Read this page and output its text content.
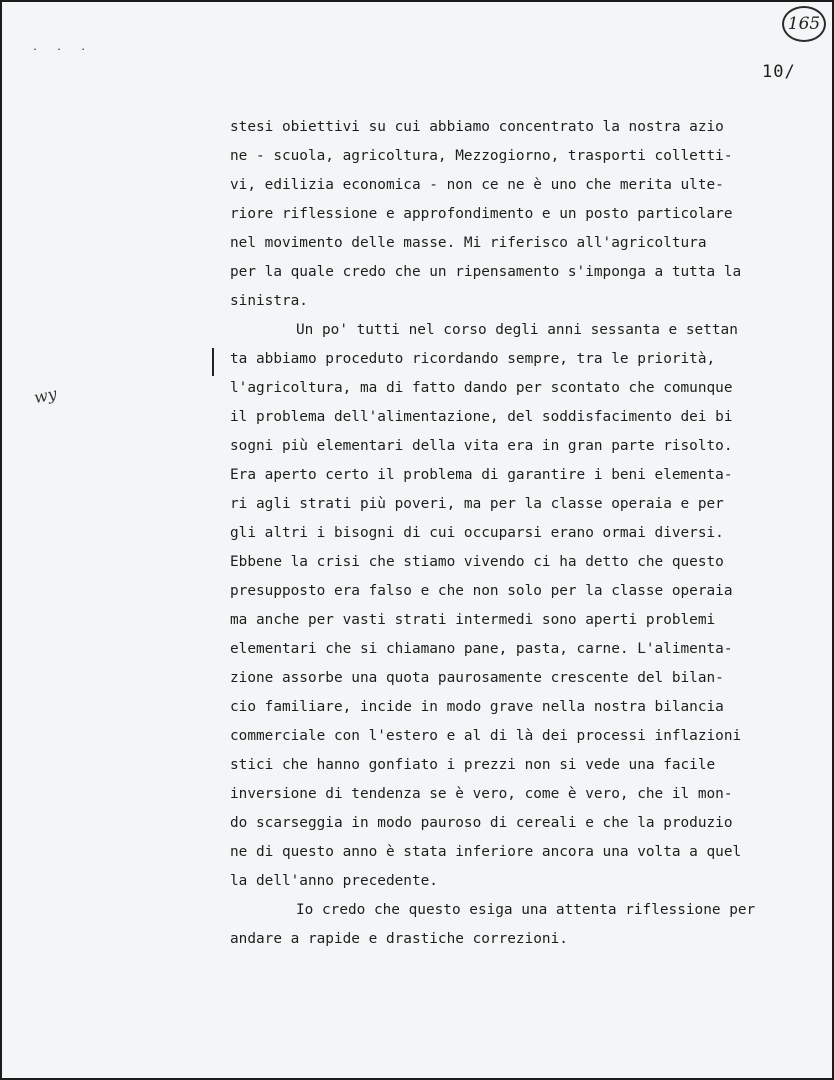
165
. . .
10/
wy
stesi obiettivi su cui abbiamo concentrato la nostra azio
ne - scuola, agricoltura, Mezzogiorno, trasporti colletti-
vi, edilizia economica - non ce ne è uno che merita ulte-
riore riflessione e approfondimento e un posto particolare
nel movimento delle masse. Mi riferisco all'agricoltura
per la quale credo che un ripensamento s'imponga a tutta la
sinistra.
Un po' tutti nel corso degli anni sessanta e settan
ta abbiamo proceduto ricordando sempre, tra le priorità,
l'agricoltura, ma di fatto dando per scontato che comunque
il problema dell'alimentazione, del soddisfacimento dei bi
sogni più elementari della vita era in gran parte risolto.
Era aperto certo il problema di garantire i beni elementa-
ri agli strati più poveri, ma per la classe operaia e per
gli altri i bisogni di cui occuparsi erano ormai diversi.
Ebbene la crisi che stiamo vivendo ci ha detto che questo
presupposto era falso e che non solo per la classe operaia
ma anche per vasti strati intermedi sono aperti problemi
elementari che si chiamano pane, pasta, carne. L'alimenta-
zione assorbe una quota paurosamente crescente del bilan-
cio familiare, incide in modo grave nella nostra bilancia
commerciale con l'estero e al di là dei processi inflazioni
stici che hanno gonfiato i prezzi non si vede una facile
inversione di tendenza se è vero, come è vero, che il mon-
do scarseggia in modo pauroso di cereali e che la produzio
ne di questo anno è stata inferiore ancora una volta a quel
la dell'anno precedente.
Io credo che questo esiga una attenta riflessione per
andare a rapide e drastiche correzioni.
